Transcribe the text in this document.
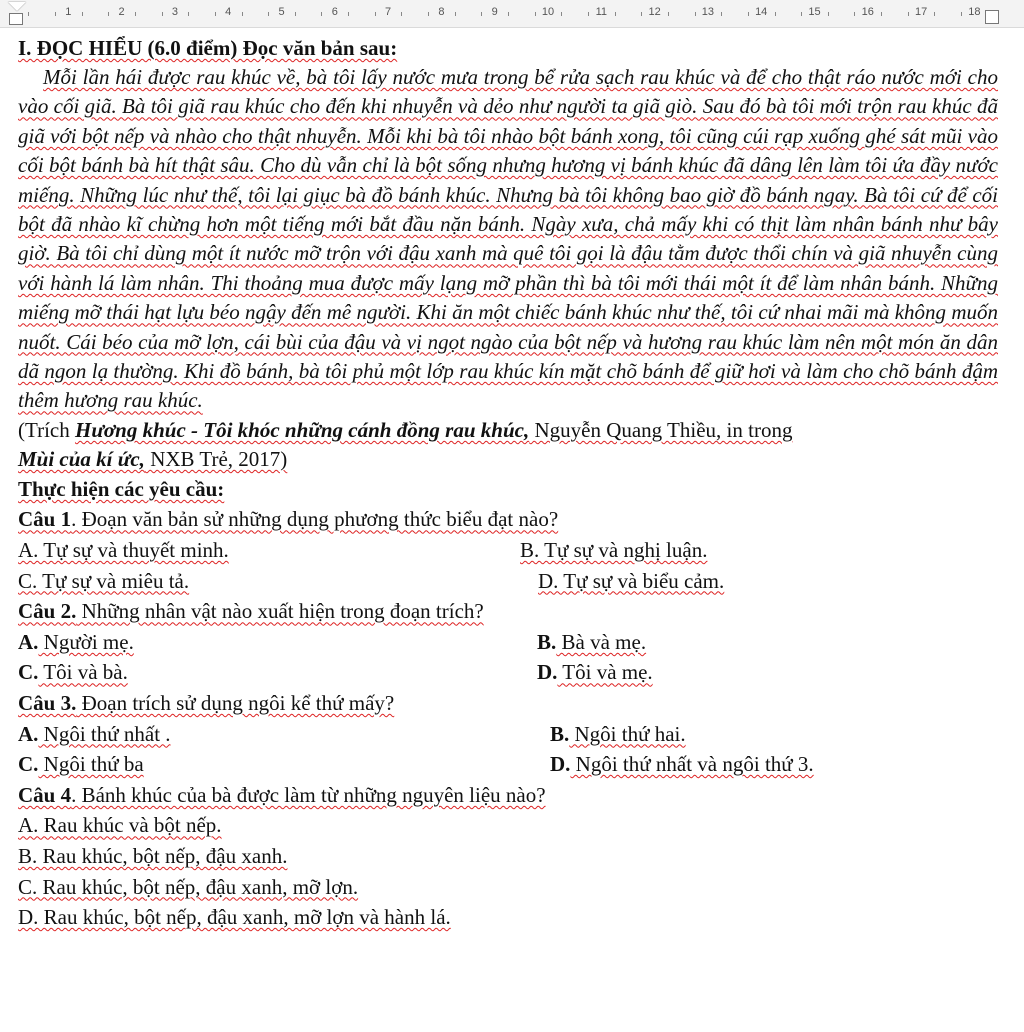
1	2	3	4	5	6	7	8	9	10	11	12	13	14	15	16	17	18

I. ĐỌC HIỂU (6.0 điểm) Đọc văn bản sau:

Mỗi lần hái được rau khúc về, bà tôi lấy nước mưa trong bể rửa sạch rau khúc và để cho thật ráo nước mới cho vào cối giã. Bà tôi giã rau khúc cho đến khi nhuyễn và dẻo như người ta giã giò. Sau đó bà tôi mới trộn rau khúc đã giã với bột nếp và nhào cho thật nhuyễn. Mỗi khi bà tôi nhào bột bánh xong, tôi cũng cúi rạp xuống ghé sát mũi vào cối bột bánh bà hít thật sâu. Cho dù vẫn chỉ là bột sống nhưng hương vị bánh khúc đã dâng lên làm tôi ứa đầy nước miếng. Những lúc như thế, tôi lại giục bà đồ bánh khúc. Nhưng bà tôi không bao giờ đồ bánh ngay. Bà tôi cứ để cối bột đã nhào kĩ chừng hơn một tiếng mới bắt đầu nặn bánh. Ngày xưa, chả mấy khi có thịt làm nhân bánh như bây giờ. Bà tôi chỉ dùng một ít nước mỡ trộn với đậu xanh mà quê tôi gọi là đậu tằm được thổi chín và giã nhuyễn cùng với hành lá làm nhân. Thi thoảng mua được mấy lạng mỡ phần thì bà tôi mới thái một ít để làm nhân bánh. Những miếng mỡ thái hạt lựu béo ngậy đến mê người. Khi ăn một chiếc bánh khúc như thế, tôi cứ nhai mãi mà không muốn nuốt. Cái béo của mỡ lợn, cái bùi của đậu và vị ngọt ngào của bột nếp và hương rau khúc làm nên một món ăn dân dã ngon lạ thường. Khi đồ bánh, bà tôi phủ một lớp rau khúc kín mặt chõ bánh để giữ hơi và làm cho chõ bánh đậm thêm hương rau khúc.

(Trích Hương khúc - Tôi khóc những cánh đồng rau khúc, Nguyễn Quang Thiều, in trong
Mùi của kí ức, NXB Trẻ, 2017)

Thực hiện các yêu cầu:

Câu 1. Đoạn văn bản sử những dụng phương thức biểu đạt nào?

A. Tự sự và thuyết minh.	B. Tự sự và nghị luận.
C. Tự sự và miêu tả.	D. Tự sự và biểu cảm.

Câu 2. Những nhân vật nào xuất hiện trong đoạn trích?

A. Người mẹ.	B. Bà và mẹ.
C. Tôi và bà.	D. Tôi và mẹ.

Câu 3. Đoạn trích sử dụng ngôi kể thứ mấy?

A. Ngôi thứ nhất .	B. Ngôi thứ hai.
C. Ngôi thứ ba	D. Ngôi thứ nhất và ngôi thứ 3.

Câu 4. Bánh khúc của bà được làm từ những nguyên liệu nào?

A. Rau khúc và bột nếp.

B. Rau khúc, bột nếp, đậu xanh.

C. Rau khúc, bột nếp, đậu xanh, mỡ lợn.

D. Rau khúc, bột nếp, đậu xanh, mỡ lợn và hành lá.
